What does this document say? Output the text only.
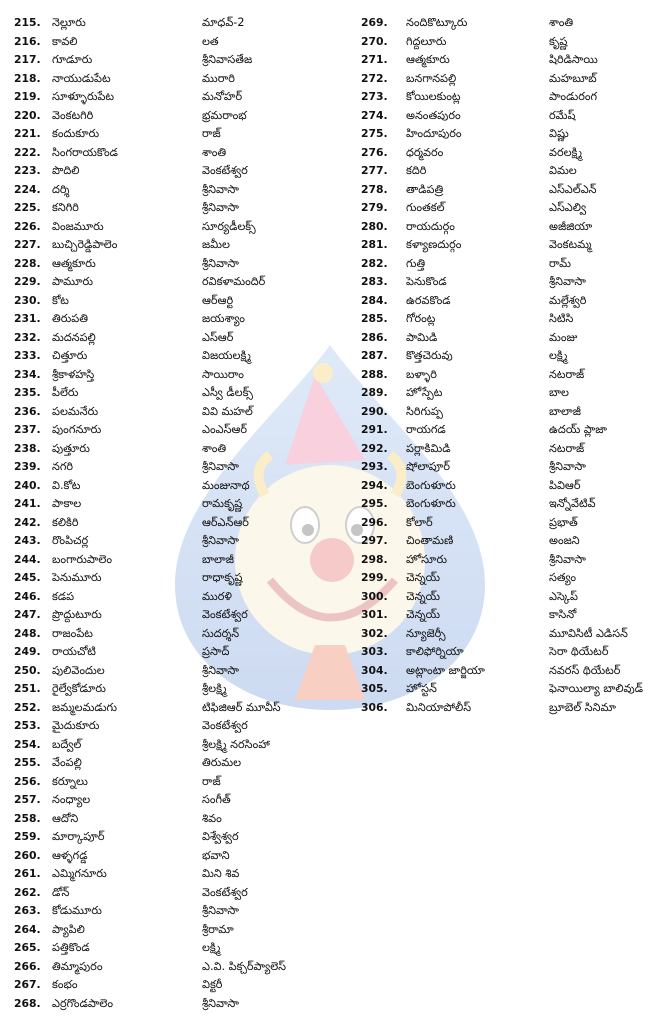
215. నెల్లూరు	మాధవ్-2
216. కావలి	లత
217. గూడూరు	శ్రీనివాసతేజ
218. నాయుడుపేట	మురారి
219. సూళ్ళూరుపేట	మనోహర్
220. వెంకటగిరి	భ్రమరాంభ
221. కందుకూరు	రాజ్
222. సింగరాయకొండ	శాంతి
223. పొదిలి	వెంకటేశ్వర
224. దర్శి	శ్రీనివాసా
225. కనిగిరి	శ్రీనివాసా
226. వింజమూరు	సూర్యడీలక్స్
227. బుచ్చిరెడ్డిపాలెం	జమీల
228. ఆత్మకూరు	శ్రీనివాసా
229. పామూరు	రవికళామందిర్
230. కోట	ఆర్ఆర్టి
231. తిరుపతి	జయశ్యాం
232. మదనపల్లి	ఎస్ఆర్
233. చిత్తూరు	విజయలక్ష్మి
234. శ్రీకాళహస్తి	సాయిరాం
235. పీలేరు	ఎస్వీ డీలక్స్
236. పలమనేరు	వివి మహల్
237. పుంగనూరు	ఎంఎస్ఆర్
238. పుత్తూరు	శాంతి
239. నగరి	శ్రీనివాసా
240. వి.కోట	మంజునాథ
241. పాకాల	రామకృష్ణ
242. కలికిరి	ఆర్ఎన్ఆర్
243. రొంపిచర్ల	శ్రీనివాసా
244. బంగారుపాలెం	బాలాజీ
245. పెనుమూరు	రాధాకృష్ణ
246. కడప	మురళి
247. ప్రొద్దుటూరు	వెంకటేశ్వర
248. రాజంపేట	సుదర్శన్
249. రాయచోటి	ప్రసాద్
250. పులివెందుల	శ్రీనివాసా
251. రైల్వేకోడూరు	శ్రీలక్ష్మి
252. జమ్మలమడుగు	టిఫిజిఆర్ మూవీస్
253. మైదుకూరు	వెంకటేశ్వర
254. బద్వేల్	శ్రీలక్ష్మి నరసింహా
255. వేంపల్లి	తిరుమల
256. కర్నూలు	రాజ్
257. నంధ్యాల	సంగీత్
258. ఆదోని	శివం
259. మార్కాపూర్	విశ్వేశ్వర
260. ఆళ్ళగడ్డ	భవాని
261. ఎమ్మిగనూరు	మిని శివ
262. డోన్	వెంకటేశ్వర
263. కోడుమూరు	శ్రీనివాసా
264. ప్యాపిలి	శ్రీరామా
265. పత్తికొండ	లక్ష్మి
266. తిమ్మాపురం	ఎ.వి. పిక్చర్‌ప్యాలెస్
267. కంభం	విక్టరీ
268. ఎర్రగొండపాలెం	శ్రీనివాసా
269. నందికొట్కూరు	శాంతి
270. గిద్దలూరు	కృష్ణ
271. ఆత్మకూరు	షిరిడిసాయి
272. బనగానపల్లి	మహబూబ్
273. కోయిలకుంట్ల	పాండురంగ
274. అనంతపురం	రమేష్
275. హిందూపురం	విష్ణు
276. ధర్మవరం	వరలక్ష్మి
277. కదిరి	విమల
278. తాడిపత్రి	ఎస్ఎల్ఎన్
279. గుంతకల్	ఎస్ఎల్వి
280. రాయదుర్గం	అజీజియా
281. కళ్యాణదుర్గం	వెంకటమ్మ
282. గుత్తి	రామ్
283. పెనుకొండ	శ్రీనివాసా
284. ఉరవకొండ	మల్లేశ్వరి
285. గోరంట్ల	సిటిసి
286. పామిడి	మంజు
287. కొత్తచెరువు	లక్ష్మి
288. బళ్ళారి	నటరాజ్
289. హోస్పేట	బాల
290. సిరిగుప్ప	బాలాజీ
291. రాయగడ	ఉదయ్ ప్లాజా
292. పర్లాకిమిడి	నటరాజ్
293. షోలాపూర్	శ్రీనివాసా
294. బెంగుళూరు	పివిఆర్
295. బెంగుళూరు	ఇన్నోవేటివ్
296. కోలార్	ప్రభాత్
297. చింతామణి	అంజని
298. హోసూరు	శ్రీనివాసా
299. చెన్నయ్	సత్యం
300. చెన్నయ్	ఎస్కెప్
301. చెన్నయ్	కాసినో
302. న్యూజెర్సీ	మూవిసిటీ ఎడిసన్
303. కాలిఫోర్నియా	సెరా థియేటర్
304. అట్లాంటా జార్జియా	నవరస్ థియేటర్
305. హోస్టన్	ఫెనాయిల్యా బాలివుడ్
306. మినియాపోలీస్	బ్రూబెల్ సినిమా
